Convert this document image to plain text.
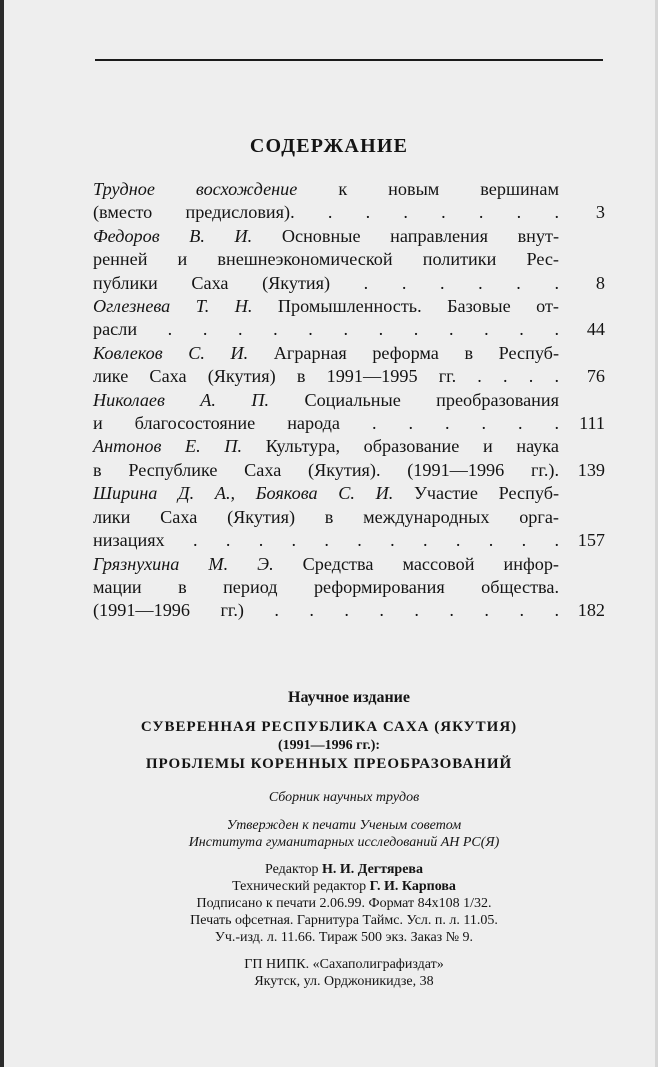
СОДЕРЖАНИЕ
Трудное восхождение к новым вершинам
(вместо предисловия). . . . . . . .	3
Федоров В. И. Основные направления внут-
ренней и внешнеэкономической политики Рес-
публики Саха (Якутия) . . . . . .	8
Оглезнева Т. Н. Промышленность. Базовые от-
расли . . . . . . . . . . . .	44
Ковлеков С. И. Аграрная реформа в Респуб-
лике Саха (Якутия) в 1991—1995 гг. . . . .	76
Николаев А. П. Социальные преобразования
и благосостояние народа . . . . . .	111
Антонов Е. П. Культура, образование и наука
в Республике Саха (Якутия). (1991—1996 гг.).	139
Ширина Д. А., Боякова С. И. Участие Респуб-
лики Саха (Якутия) в международных орга-
низациях . . . . . . . . . . . .	157
Грязнухина М. Э. Средства массовой инфор-
мации в период реформирования общества.
(1991—1996 гг.) . . . . . . . . .	182
Научное издание
СУВЕРЕННАЯ РЕСПУБЛИКА САХА (ЯКУТИЯ)
(1991—1996 гг.):
ПРОБЛЕМЫ КОРЕННЫХ ПРЕОБРАЗОВАНИЙ
Сборник научных трудов
Утвержден к печати Ученым советом
Института гуманитарных исследований АН РС(Я)
Редактор Н. И. Дегтярева
Технический редактор Г. И. Карпова
Подписано к печати 2.06.99. Формат 84х108 1/32.
Печать офсетная. Гарнитура Таймс. Усл. п. л. 11.05.
Уч.-изд. л. 11.66. Тираж 500 экз. Заказ № 9.
ГП НИПК. «Сахаполиграфиздат»
Якутск, ул. Орджоникидзе, 38
